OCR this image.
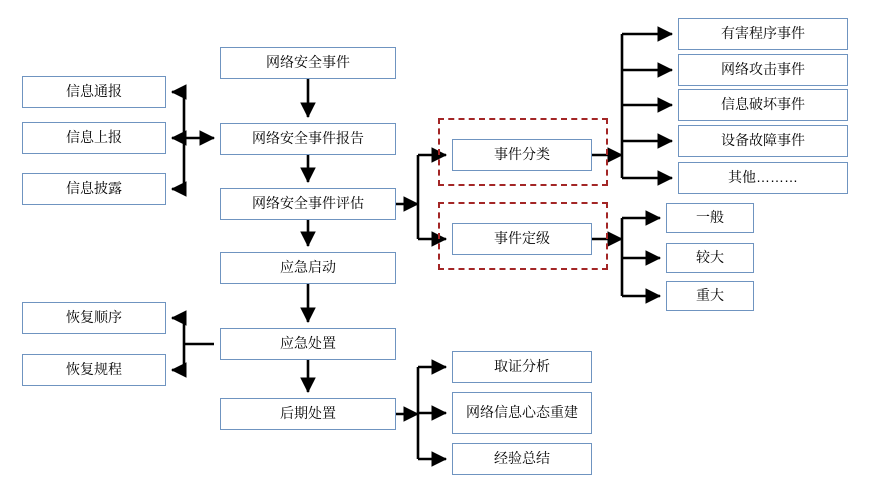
网络安全事件
网络安全事件报告
网络安全事件评估
应急启动
应急处置
后期处置
信息通报
信息上报
信息披露
恢复顺序
恢复规程
事件分类
事件定级
有害程序事件
网络攻击事件
信息破坏事件
设备故障事件
其他………
一般
较大
重大
取证分析
网络信息心态重建
经验总结
